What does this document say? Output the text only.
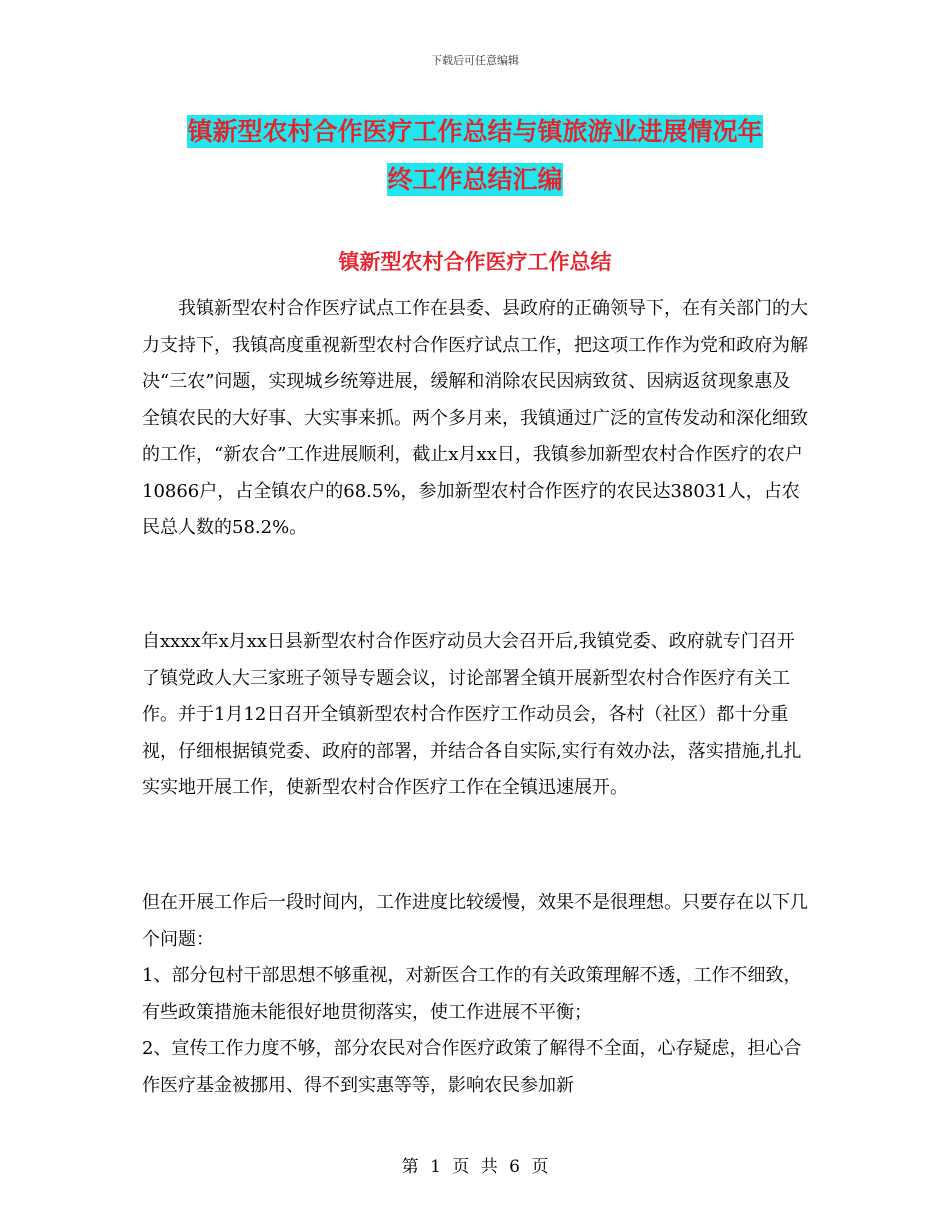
下载后可任意编辑
镇新型农村合作医疗工作总结与镇旅游业进展情况年
终工作总结汇编
镇新型农村合作医疗工作总结

我镇新型农村合作医疗试点工作在县委、县政府的正确领导下，在有关部门的大力支持下，我镇高度重视新型农村合作医疗试点工作，把这项工作作为党和政府为解决“三农”问题，实现城乡统筹进展，缓解和消除农民因病致贫、因病返贫现象惠及全镇农民的大好事、大实事来抓。两个多月来，我镇通过广泛的宣传发动和深化细致的工作，“新农合”工作进展顺利，截止x月xx日，我镇参加新型农村合作医疗的农户10866户，占全镇农户的68.5%，参加新型农村合作医疗的农民达38031人，占农民总人数的58.2%。

自xxxx年x月xx日县新型农村合作医疗动员大会召开后,我镇党委、政府就专门召开了镇党政人大三家班子领导专题会议，讨论部署全镇开展新型农村合作医疗有关工作。并于1月12日召开全镇新型农村合作医疗工作动员会，各村（社区）都十分重视，仔细根据镇党委、政府的部署，并结合各自实际,实行有效办法，落实措施,扎扎实实地开展工作，使新型农村合作医疗工作在全镇迅速展开。

但在开展工作后一段时间内，工作进度比较缓慢，效果不是很理想。只要存在以下几个问题：
1、部分包村干部思想不够重视，对新医合工作的有关政策理解不透，工作不细致，有些政策措施未能很好地贯彻落实，使工作进展不平衡；
2、宣传工作力度不够，部分农民对合作医疗政策了解得不全面，心存疑虑，担心合作医疗基金被挪用、得不到实惠等等，影响农民参加新
第 1 页 共 6 页
